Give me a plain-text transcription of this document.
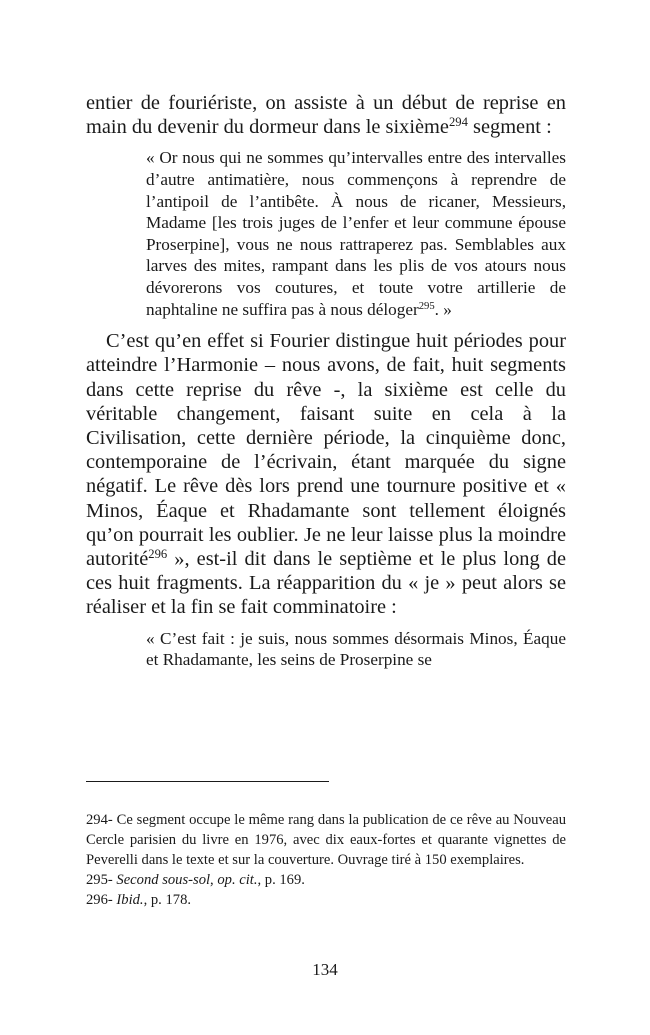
entier de fouriériste, on assiste à un début de reprise en main du devenir du dormeur dans le sixième$^{294}$ segment :

« Or nous qui ne sommes qu’intervalles entre des intervalles d’autre antimatière, nous commençons à reprendre de l’antipoil de l’antibête. À nous de ricaner, Messieurs, Madame [les trois juges de l’enfer et leur commune épouse Proserpine], vous ne nous rattraperez pas. Semblables aux larves des mites, rampant dans les plis de vos atours nous dévorerons vos coutures, et toute votre artillerie de naphtaline ne suffira pas à nous déloger$^{295}$. »

C’est qu’en effet si Fourier distingue huit périodes pour atteindre l’Harmonie – nous avons, de fait, huit segments dans cette reprise du rêve -, la sixième est celle du véritable changement, faisant suite en cela à la Civilisation, cette dernière période, la cinquième donc, contemporaine de l’écrivain, étant marquée du signe négatif. Le rêve dès lors prend une tournure positive et « Minos, Éaque et Rhadamante sont tellement éloignés qu’on pourrait les oublier. Je ne leur laisse plus la moindre autorité$^{296}$ », est-il dit dans le septième et le plus long de ces huit fragments. La réapparition du « je » peut alors se réaliser et la fin se fait comminatoire :

« C’est fait : je suis, nous sommes désormais Minos, Éaque et Rhadamante, les seins de Proserpine se

294- Ce segment occupe le même rang dans la publication de ce rêve au Nouveau Cercle parisien du livre en 1976, avec dix eaux-fortes et quarante vignettes de Peverelli dans le texte et sur la couverture. Ouvrage tiré à 150 exemplaires.

295- Second sous-sol, op. cit., p. 169.

296- Ibid., p. 178.

134
